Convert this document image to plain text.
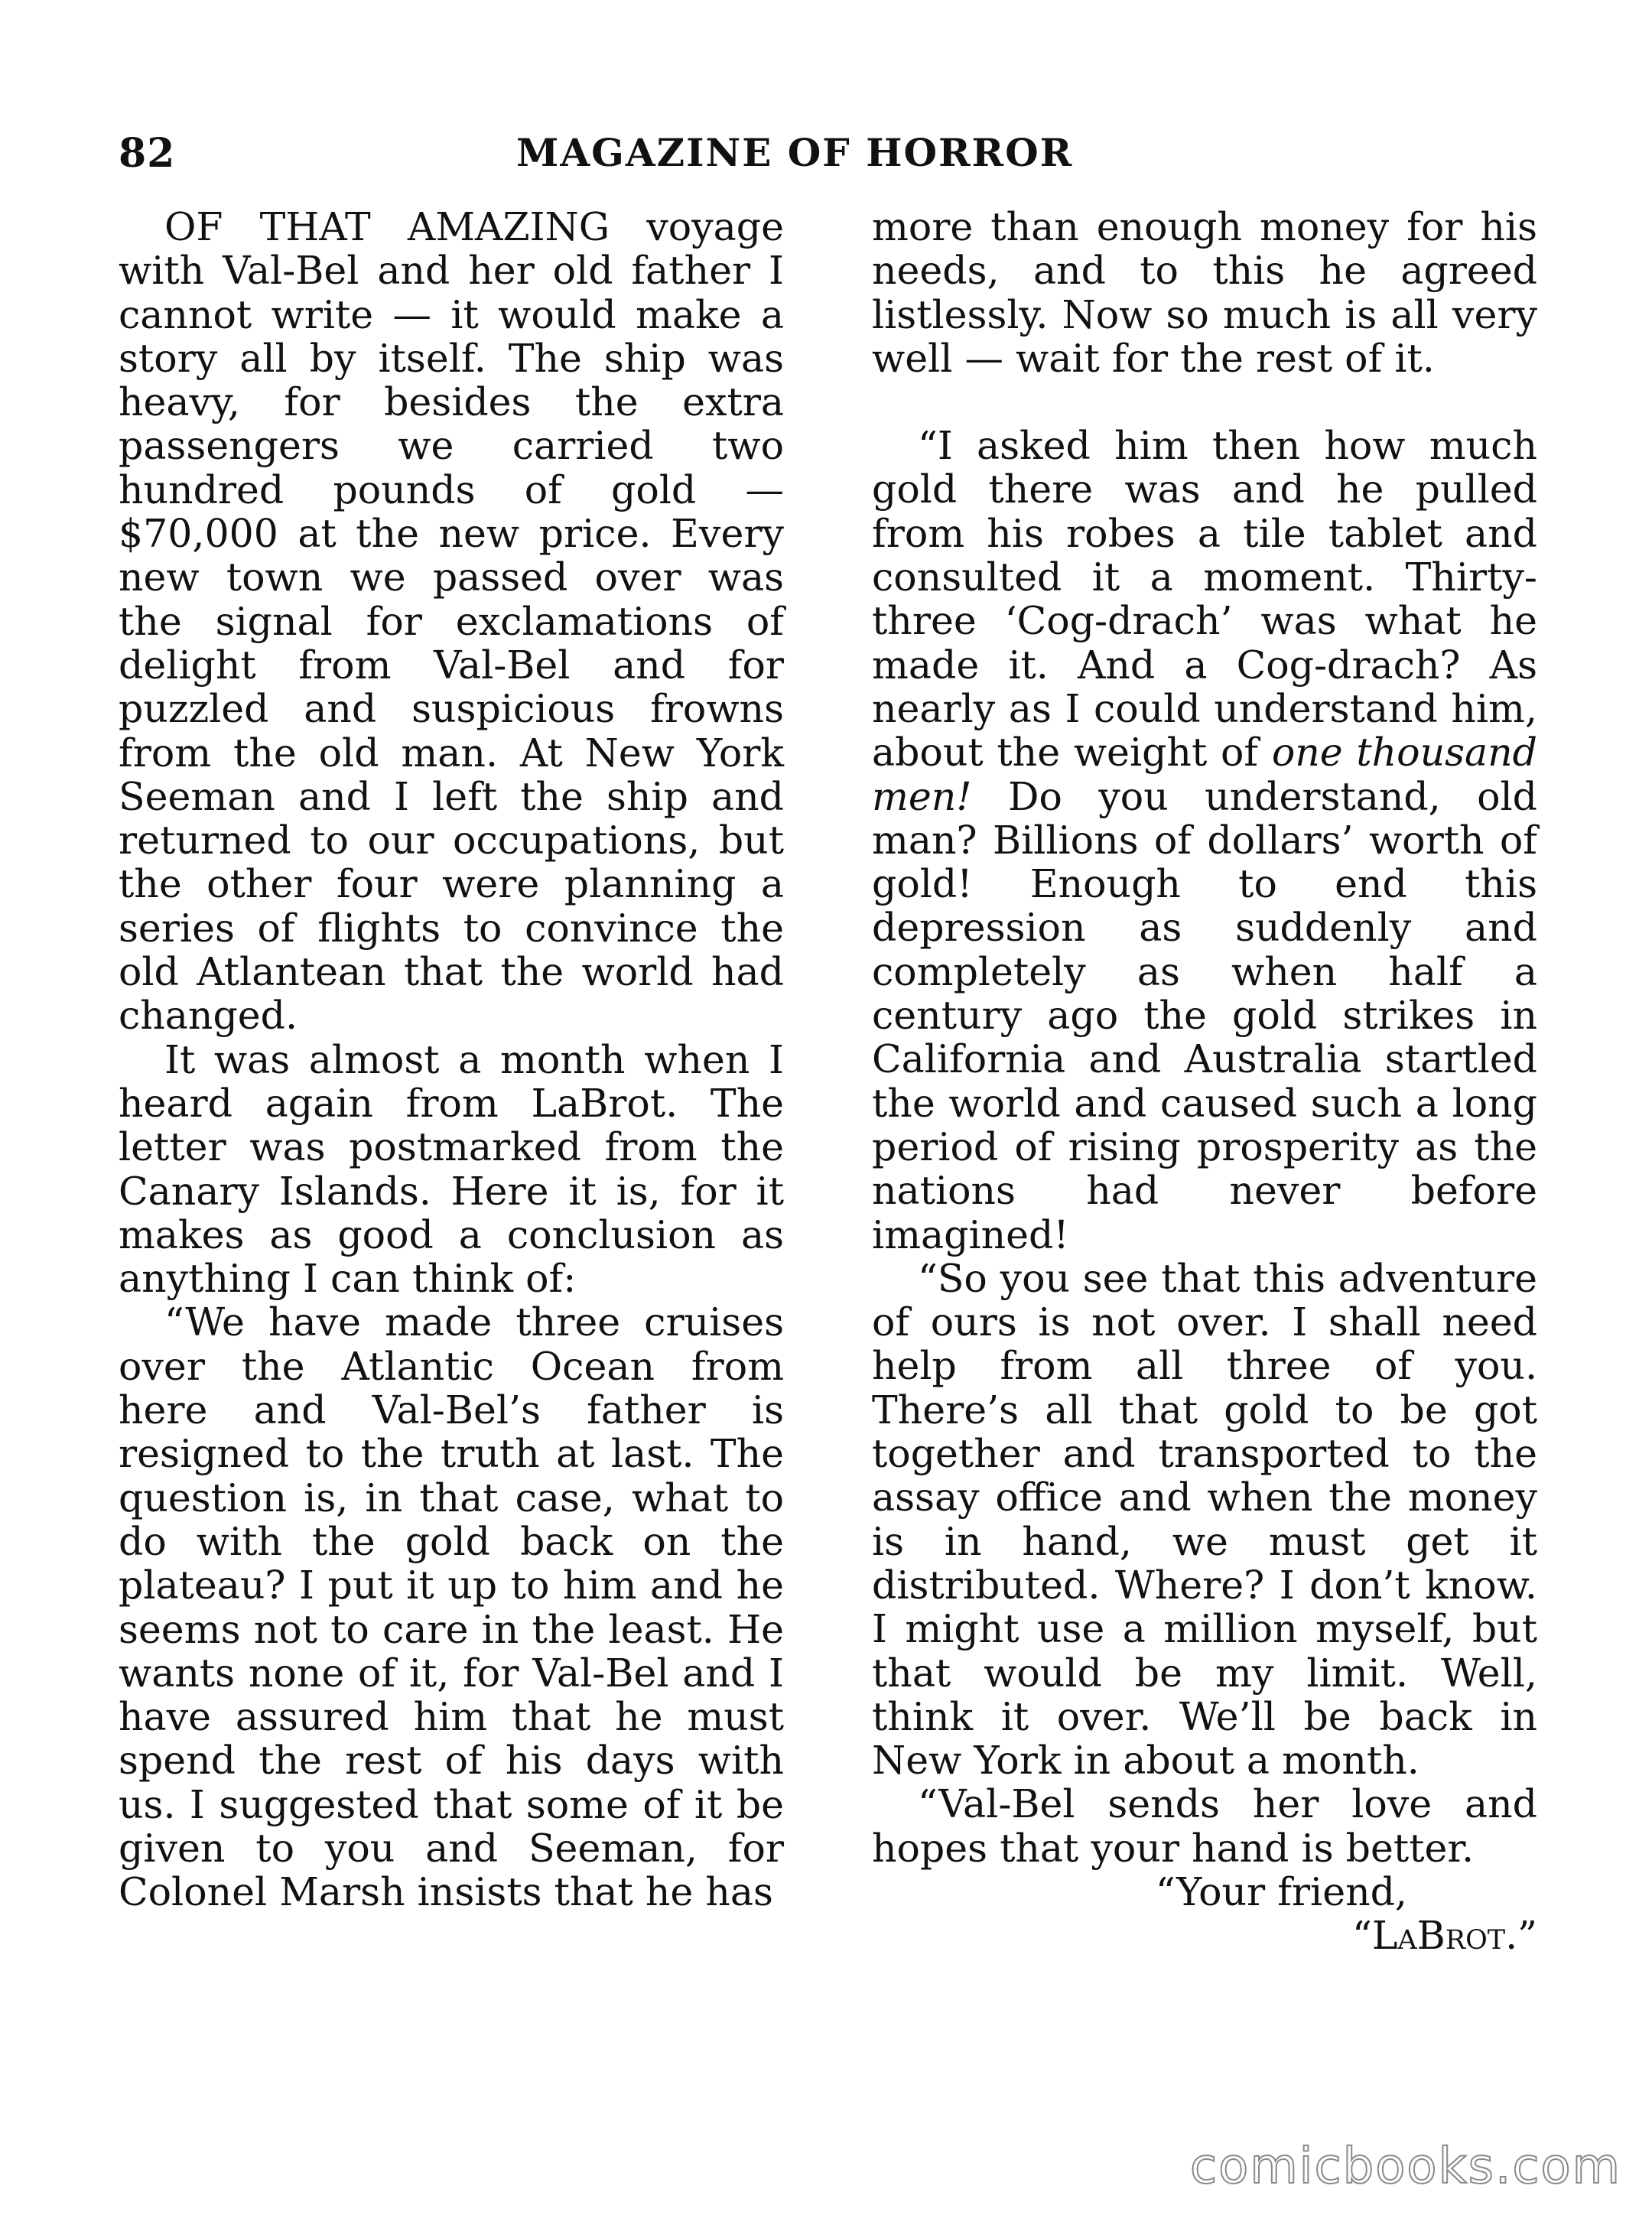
82	MAGAZINE OF HORROR

OF THAT AMAZING voyage with Val-Bel and her old father I cannot write — it would make a story all by itself. The ship was heavy, for besides the extra passengers we carried two hundred pounds of gold — $70,000 at the new price. Every new town we passed over was the signal for exclamations of delight from Val-Bel and for puzzled and suspicious frowns from the old man. At New York Seeman and I left the ship and returned to our occupations, but the other four were planning a series of flights to convince the old Atlantean that the world had changed.

It was almost a month when I heard again from LaBrot. The letter was postmarked from the Canary Islands. Here it is, for it makes as good a conclusion as anything I can think of:

“We have made three cruises over the Atlantic Ocean from here and Val-Bel’s father is resigned to the truth at last. The question is, in that case, what to do with the gold back on the plateau? I put it up to him and he seems not to care in the least. He wants none of it, for Val-Bel and I have assured him that he must spend the rest of his days with us. I suggested that some of it be given to you and Seeman, for Colonel Marsh insists that he has

more than enough money for his needs, and to this he agreed listlessly. Now so much is all very well — wait for the rest of it.

“I asked him then how much gold there was and he pulled from his robes a tile tablet and consulted it a moment. Thirty-three ‘Cog-drach’ was what he made it. And a Cog-drach? As nearly as I could understand him, about the weight of one thousand men! Do you understand, old man? Billions of dollars’ worth of gold! Enough to end this depression as suddenly and completely as when half a century ago the gold strikes in California and Australia startled the world and caused such a long period of rising prosperity as the nations had never before imagined!

“So you see that this adventure of ours is not over. I shall need help from all three of you. There’s all that gold to be got together and transported to the assay office and when the money is in hand, we must get it distributed. Where? I don’t know. I might use a million myself, but that would be my limit. Well, think it over. We’ll be back in New York in about a month.

“Val-Bel sends her love and hopes that your hand is better.

“Your friend,

“LaBrot.”

comicbooks.com
